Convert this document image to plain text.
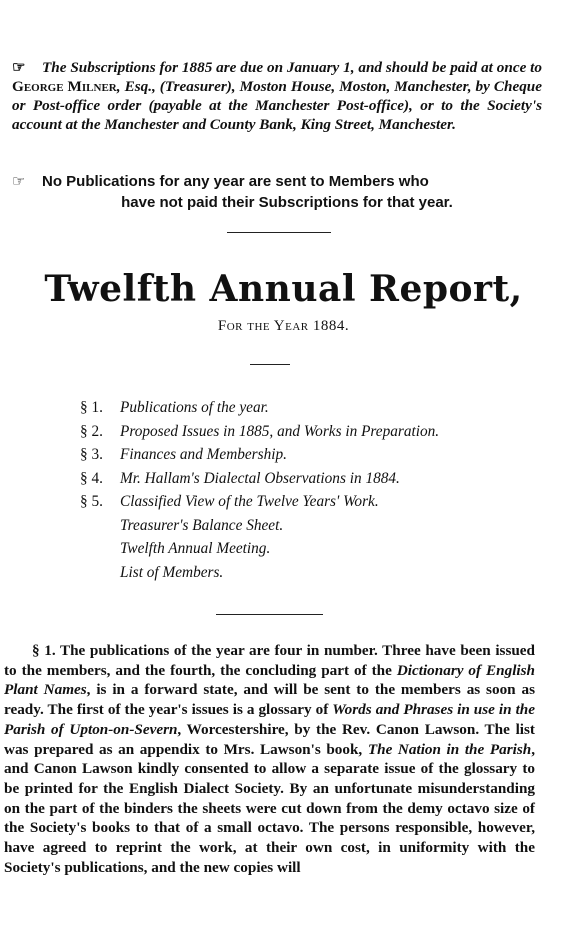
☞ The Subscriptions for 1885 are due on January 1, and should be paid at once to George Milner, Esq., (Treasurer), Moston House, Moston, Manchester, by Cheque or Post-office order (payable at the Manchester Post-office), or to the Society's account at the Manchester and County Bank, King Street, Manchester.
☞ No Publications for any year are sent to Members who
have not paid their Subscriptions for that year.
Twelfth Annual Report,
For the Year 1884.
§ 1. Publications of the year.
§ 2. Proposed Issues in 1885, and Works in Preparation.
§ 3. Finances and Membership.
§ 4. Mr. Hallam's Dialectal Observations in 1884.
§ 5. Classified View of the Twelve Years' Work.
Treasurer's Balance Sheet.
Twelfth Annual Meeting.
List of Members.
§ 1. The publications of the year are four in number. Three have been issued to the members, and the fourth, the concluding part of the Dictionary of English Plant Names, is in a forward state, and will be sent to the members as soon as ready. The first of the year's issues is a glossary of Words and Phrases in use in the Parish of Upton-on-Severn, Worcestershire, by the Rev. Canon Lawson. The list was prepared as an appendix to Mrs. Lawson's book, The Nation in the Parish, and Canon Lawson kindly consented to allow a separate issue of the glossary to be printed for the English Dialect Society. By an unfortunate misunderstanding on the part of the binders the sheets were cut down from the demy octavo size of the Society's books to that of a small octavo. The persons responsible, however, have agreed to reprint the work, at their own cost, in uniformity with the Society's publications, and the new copies will
